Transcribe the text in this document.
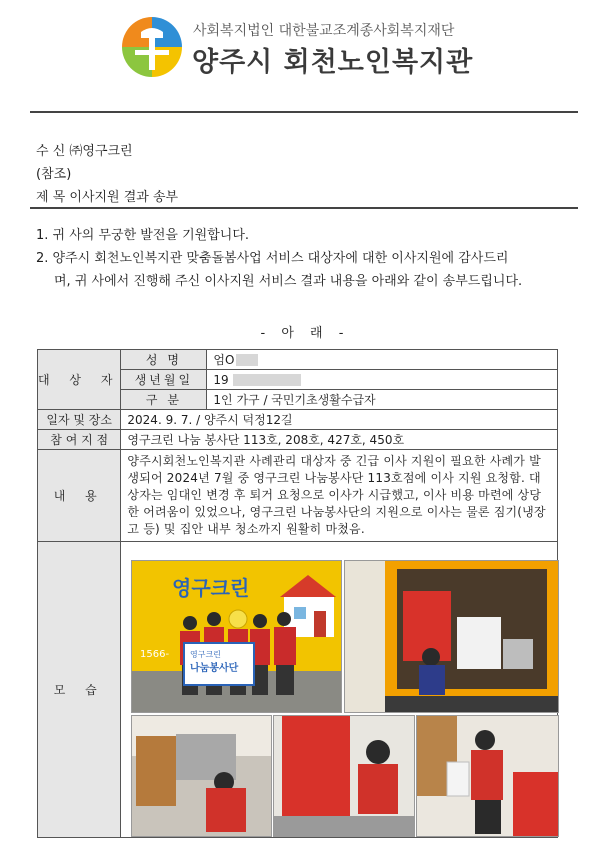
사회복지법인 대한불교조계종사회복지재단
양주시 회천노인복지관
수 신 ㈜영구크린
(참조)
제 목 이사지원 결과 송부
1. 귀 사의 무궁한 발전을 기원합니다.
2. 양주시 회천노인복지관 맞춤돌봄사업 서비스 대상자에 대한 이사지원에 감사드리
며, 귀 사에서 진행해 주신 이사지원 서비스 결과 내용을 아래와 같이 송부드립니다.
- 아 래 -
대 상 자	성 명	엄O
	생년월일	19
	구 분	1인 가구 / 국민기초생활수급자
일자 및 장소	2024. 9. 7. / 양주시 덕정12길	
참 여 지 점	영구크린 나눔 봉사단 113호, 208호, 427호, 450호	
내 용	양주시회천노인복지관 사례관리 대상자 중 긴급 이사 지원이 필요한 사례가 발생되어 2024년 7월 중 영구크린 나눔봉사단 113호점에 이사 지원 요청함. 대상자는 임대인 변경 후 퇴거 요청으로 이사가 시급했고, 이사 비용 마련에 상당한 어려움이 있었으나, 영구크린 나눔봉사단의 지원으로 이사는 물론 짐기(냉장고 등) 및 집안 내부 청소까지 원활히 마쳤음.	
모 습		
영구크린
1566-	영구크린
나눔봉사단
